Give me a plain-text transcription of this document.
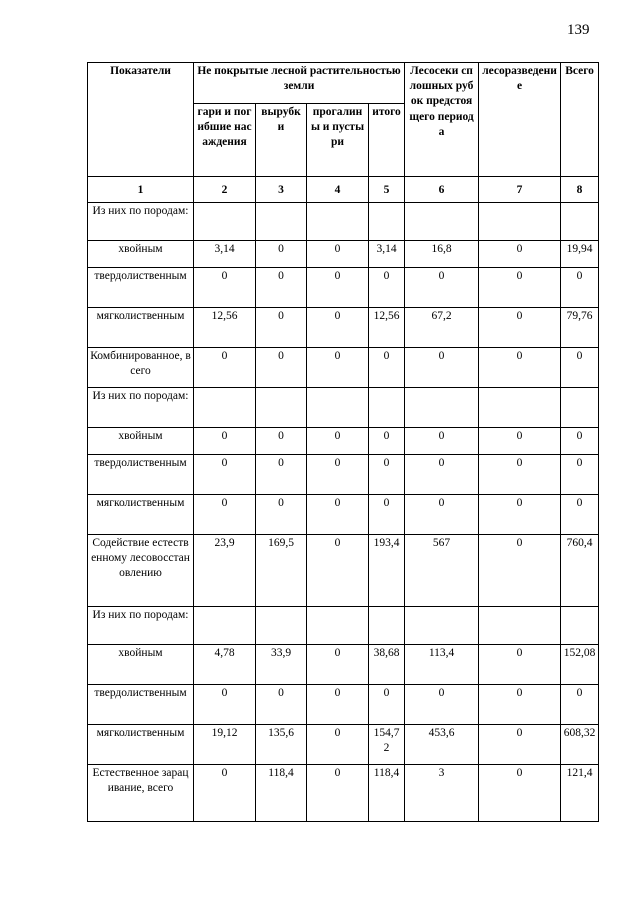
139
Показатели	Не покрытые лесной растительностью земли				Лесосеки сплошных рубок предстоящего периода	лесоразведение	Всего
	гари и погибшие насаждения	вырубки	прогалины и пустыри	итого			
1	2	3	4	5	6	7	8
Из них по породам:							
хвойным	3,14	0	0	3,14	16,8	0	19,94
твердолиственным	0	0	0	0	0	0	0
мягколиственным	12,56	0	0	12,56	67,2	0	79,76
Комбинированное, всего	0	0	0	0	0	0	0
Из них по породам:							
хвойным	0	0	0	0	0	0	0
твердолиственным	0	0	0	0	0	0	0
мягколиственным	0	0	0	0	0	0	0
Содействие естественному лесовосстановлению	23,9	169,5	0	193,4	567	0	760,4
Из них по породам:							
хвойным	4,78	33,9	0	38,68	113,4	0	152,08
твердолиственным	0	0	0	0	0	0	0
мягколиственным	19,12	135,6	0	154,72	453,6	0	608,32
Естественное зарацивание, всего	0	118,4	0	118,4	3	0	121,4
